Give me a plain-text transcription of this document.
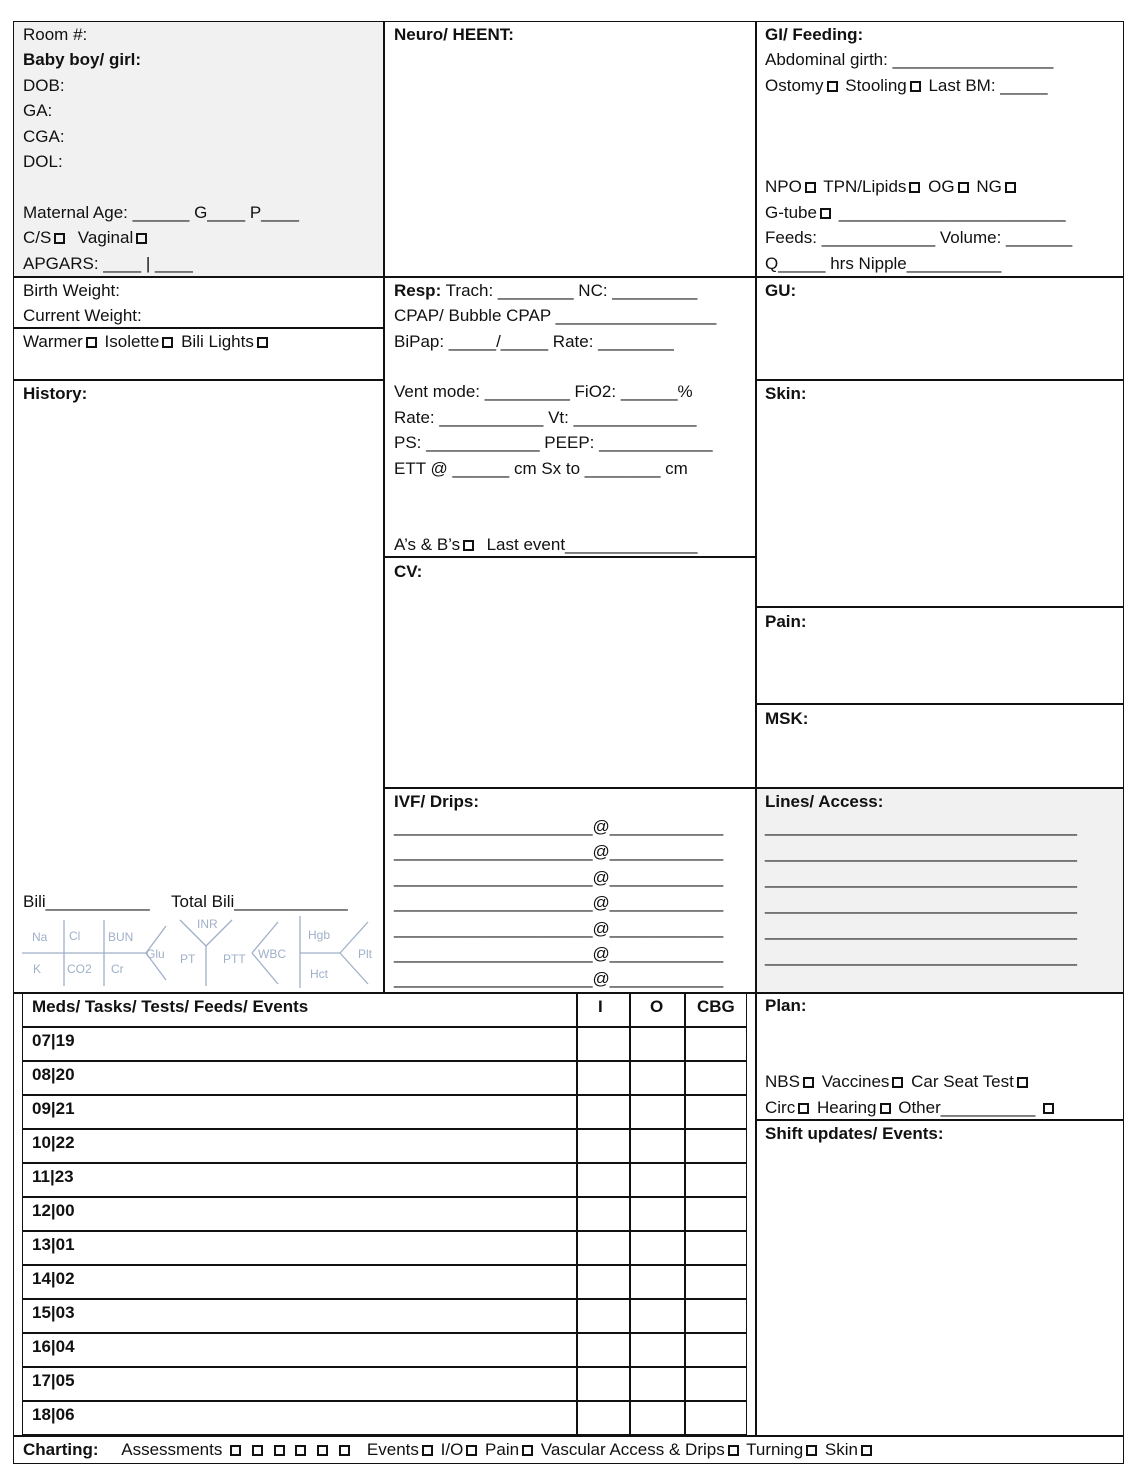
Room #:
Baby boy/ girl:
DOB:
GA:
CGA:
DOL:
Maternal Age: ______ G____ P____
C/S Vaginal
APGARS: ____ | ____
Birth Weight:
Current Weight:
Warmer Isolette Bili Lights
History:
Bili___________ Total Bili____________
Na Cl BUN
K CO2 Cr
Glu
INR
PT PTT WBC
Hgb
Hct
Plt
Neuro/ HEENT:	GI/ Feeding:
Abdominal girth: _________________
Ostomy Stooling Last BM: _____
NPO TPN/Lipids OG NG
G-tube ________________________
Feeds: ____________ Volume: _______
Q_____ hrs Nipple__________
Resp: Trach: ________ NC: _________
CPAP/ Bubble CPAP _________________
BiPap: _____/_____ Rate: ________
Vent mode: _________ FiO2: ______%
Rate: ___________ Vt: _____________
PS: ____________ PEEP: ____________
ETT @ ______ cm Sx to ________ cm
A’s & B’s Last event______________
GU:
Skin:
CV:
Pain:
MSK:
IVF/ Drips:
_____________________@____________
_____________________@____________
_____________________@____________
_____________________@____________
_____________________@____________
_____________________@____________
_____________________@____________
Lines/ Access:
_________________________________
_________________________________
_________________________________
_________________________________
_________________________________
_________________________________
Meds/ Tasks/ Tests/ Feeds/ Events	I	O CBG
07|19
08|20
09|21
10|22
11|23
12|00
13|01
14|02
15|03
16|04
17|05
18|06
Plan:
NBS Vaccines Car Seat Test
Circ Hearing Other__________
Shift updates/ Events:
Charting: Assessments	Events I/O Pain Vascular Access & Drips Turning Skin
